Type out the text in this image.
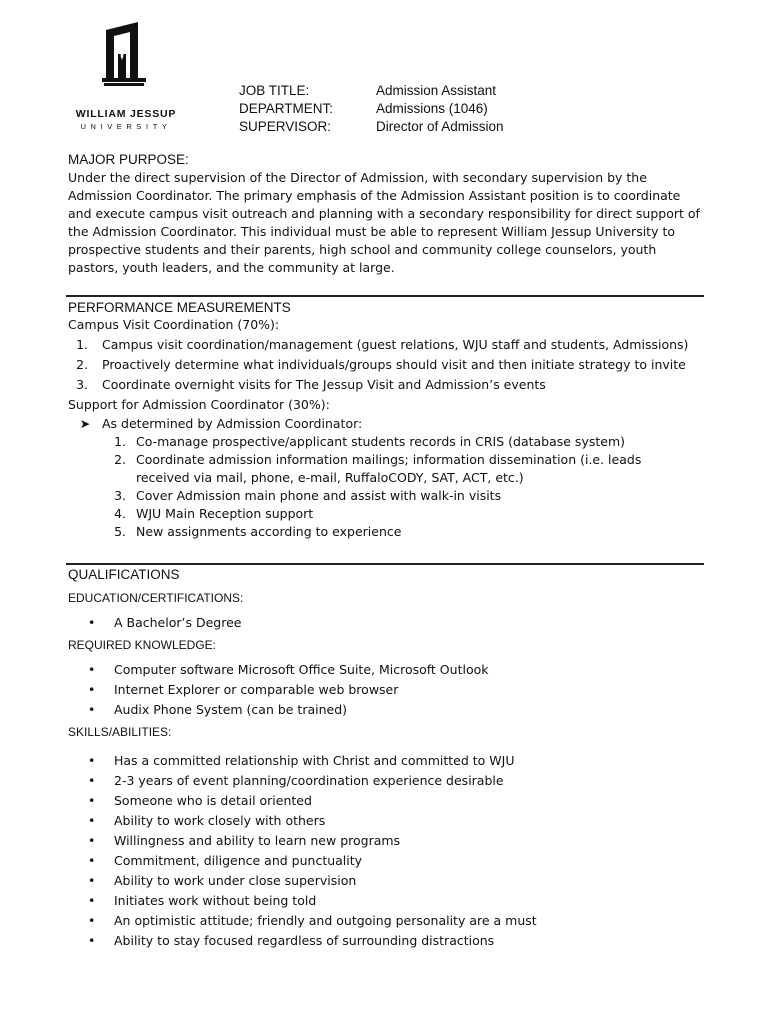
WILLIAM JESSUP
UNIVERSITY
JOB TITLE:	Admission Assistant
DEPARTMENT:	Admissions (1046)
SUPERVISOR:	Director of Admission
MAJOR PURPOSE:
Under the direct supervision of the Director of Admission, with secondary supervision by the
Admission Coordinator. The primary emphasis of the Admission Assistant position is to coordinate
and execute campus visit outreach and planning with a secondary responsibility for direct support of
the Admission Coordinator. This individual must be able to represent William Jessup University to
prospective students and their parents, high school and community college counselors, youth
pastors, youth leaders, and the community at large.
PERFORMANCE MEASUREMENTS
Campus Visit Coordination (70%):
1. Campus visit coordination/management (guest relations, WJU staff and students, Admissions)
2. Proactively determine what individuals/groups should visit and then initiate strategy to invite
3. Coordinate overnight visits for The Jessup Visit and Admission’s events
Support for Admission Coordinator (30%):
➤ As determined by Admission Coordinator:
1. Co-manage prospective/applicant students records in CRIS (database system)
2. Coordinate admission information mailings; information dissemination (i.e. leads
received via mail, phone, e-mail, RuffaloCODY, SAT, ACT, etc.)
3. Cover Admission main phone and assist with walk-in visits
4. WJU Main Reception support
5. New assignments according to experience
QUALIFICATIONS
EDUCATION/CERTIFICATIONS:
•	A Bachelor’s Degree
REQUIRED KNOWLEDGE:
•	Computer software Microsoft Office Suite, Microsoft Outlook
•	Internet Explorer or comparable web browser
•	Audix Phone System (can be trained)
SKILLS/ABILITIES:
•	Has a committed relationship with Christ and committed to WJU
•	2-3 years of event planning/coordination experience desirable
•	Someone who is detail oriented
•	Ability to work closely with others
•	Willingness and ability to learn new programs
•	Commitment, diligence and punctuality
•	Ability to work under close supervision
•	Initiates work without being told
•	An optimistic attitude; friendly and outgoing personality are a must
•	Ability to stay focused regardless of surrounding distractions
